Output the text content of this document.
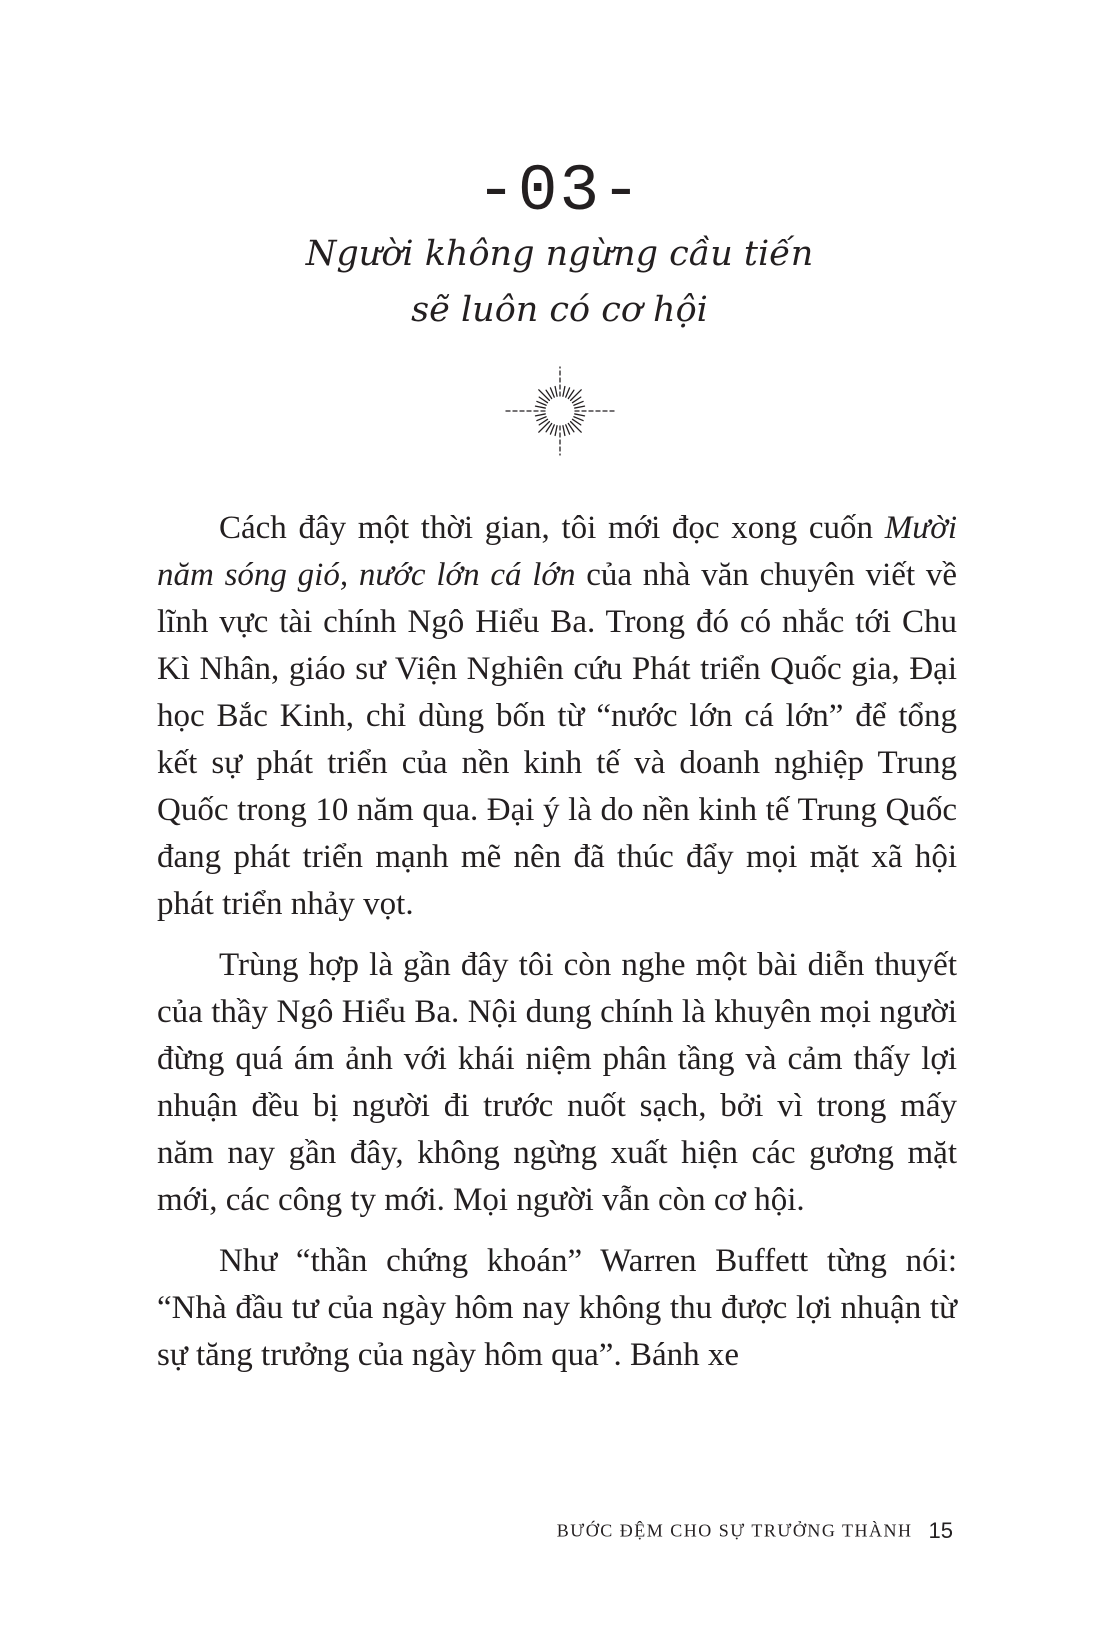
-03-
Người không ngừng cầu tiến
sẽ luôn có cơ hội

Cách đây một thời gian, tôi mới đọc xong cuốn Mười năm sóng gió, nước lớn cá lớn của nhà văn chuyên viết về lĩnh vực tài chính Ngô Hiểu Ba. Trong đó có nhắc tới Chu Kì Nhân, giáo sư Viện Nghiên cứu Phát triển Quốc gia, Đại học Bắc Kinh, chỉ dùng bốn từ “nước lớn cá lớn” để tổng kết sự phát triển của nền kinh tế và doanh nghiệp Trung Quốc trong 10 năm qua. Đại ý là do nền kinh tế Trung Quốc đang phát triển mạnh mẽ nên đã thúc đẩy mọi mặt xã hội phát triển nhảy vọt.

Trùng hợp là gần đây tôi còn nghe một bài diễn thuyết của thầy Ngô Hiểu Ba. Nội dung chính là khuyên mọi người đừng quá ám ảnh với khái niệm phân tầng và cảm thấy lợi nhuận đều bị người đi trước nuốt sạch, bởi vì trong mấy năm nay gần đây, không ngừng xuất hiện các gương mặt mới, các công ty mới. Mọi người vẫn còn cơ hội.

Như “thần chứng khoán” Warren Buffett từng nói: “Nhà đầu tư của ngày hôm nay không thu được lợi nhuận từ sự tăng trưởng của ngày hôm qua”. Bánh xe

BƯỚC ĐỆM CHO SỰ TRƯỞNG THÀNH 15
